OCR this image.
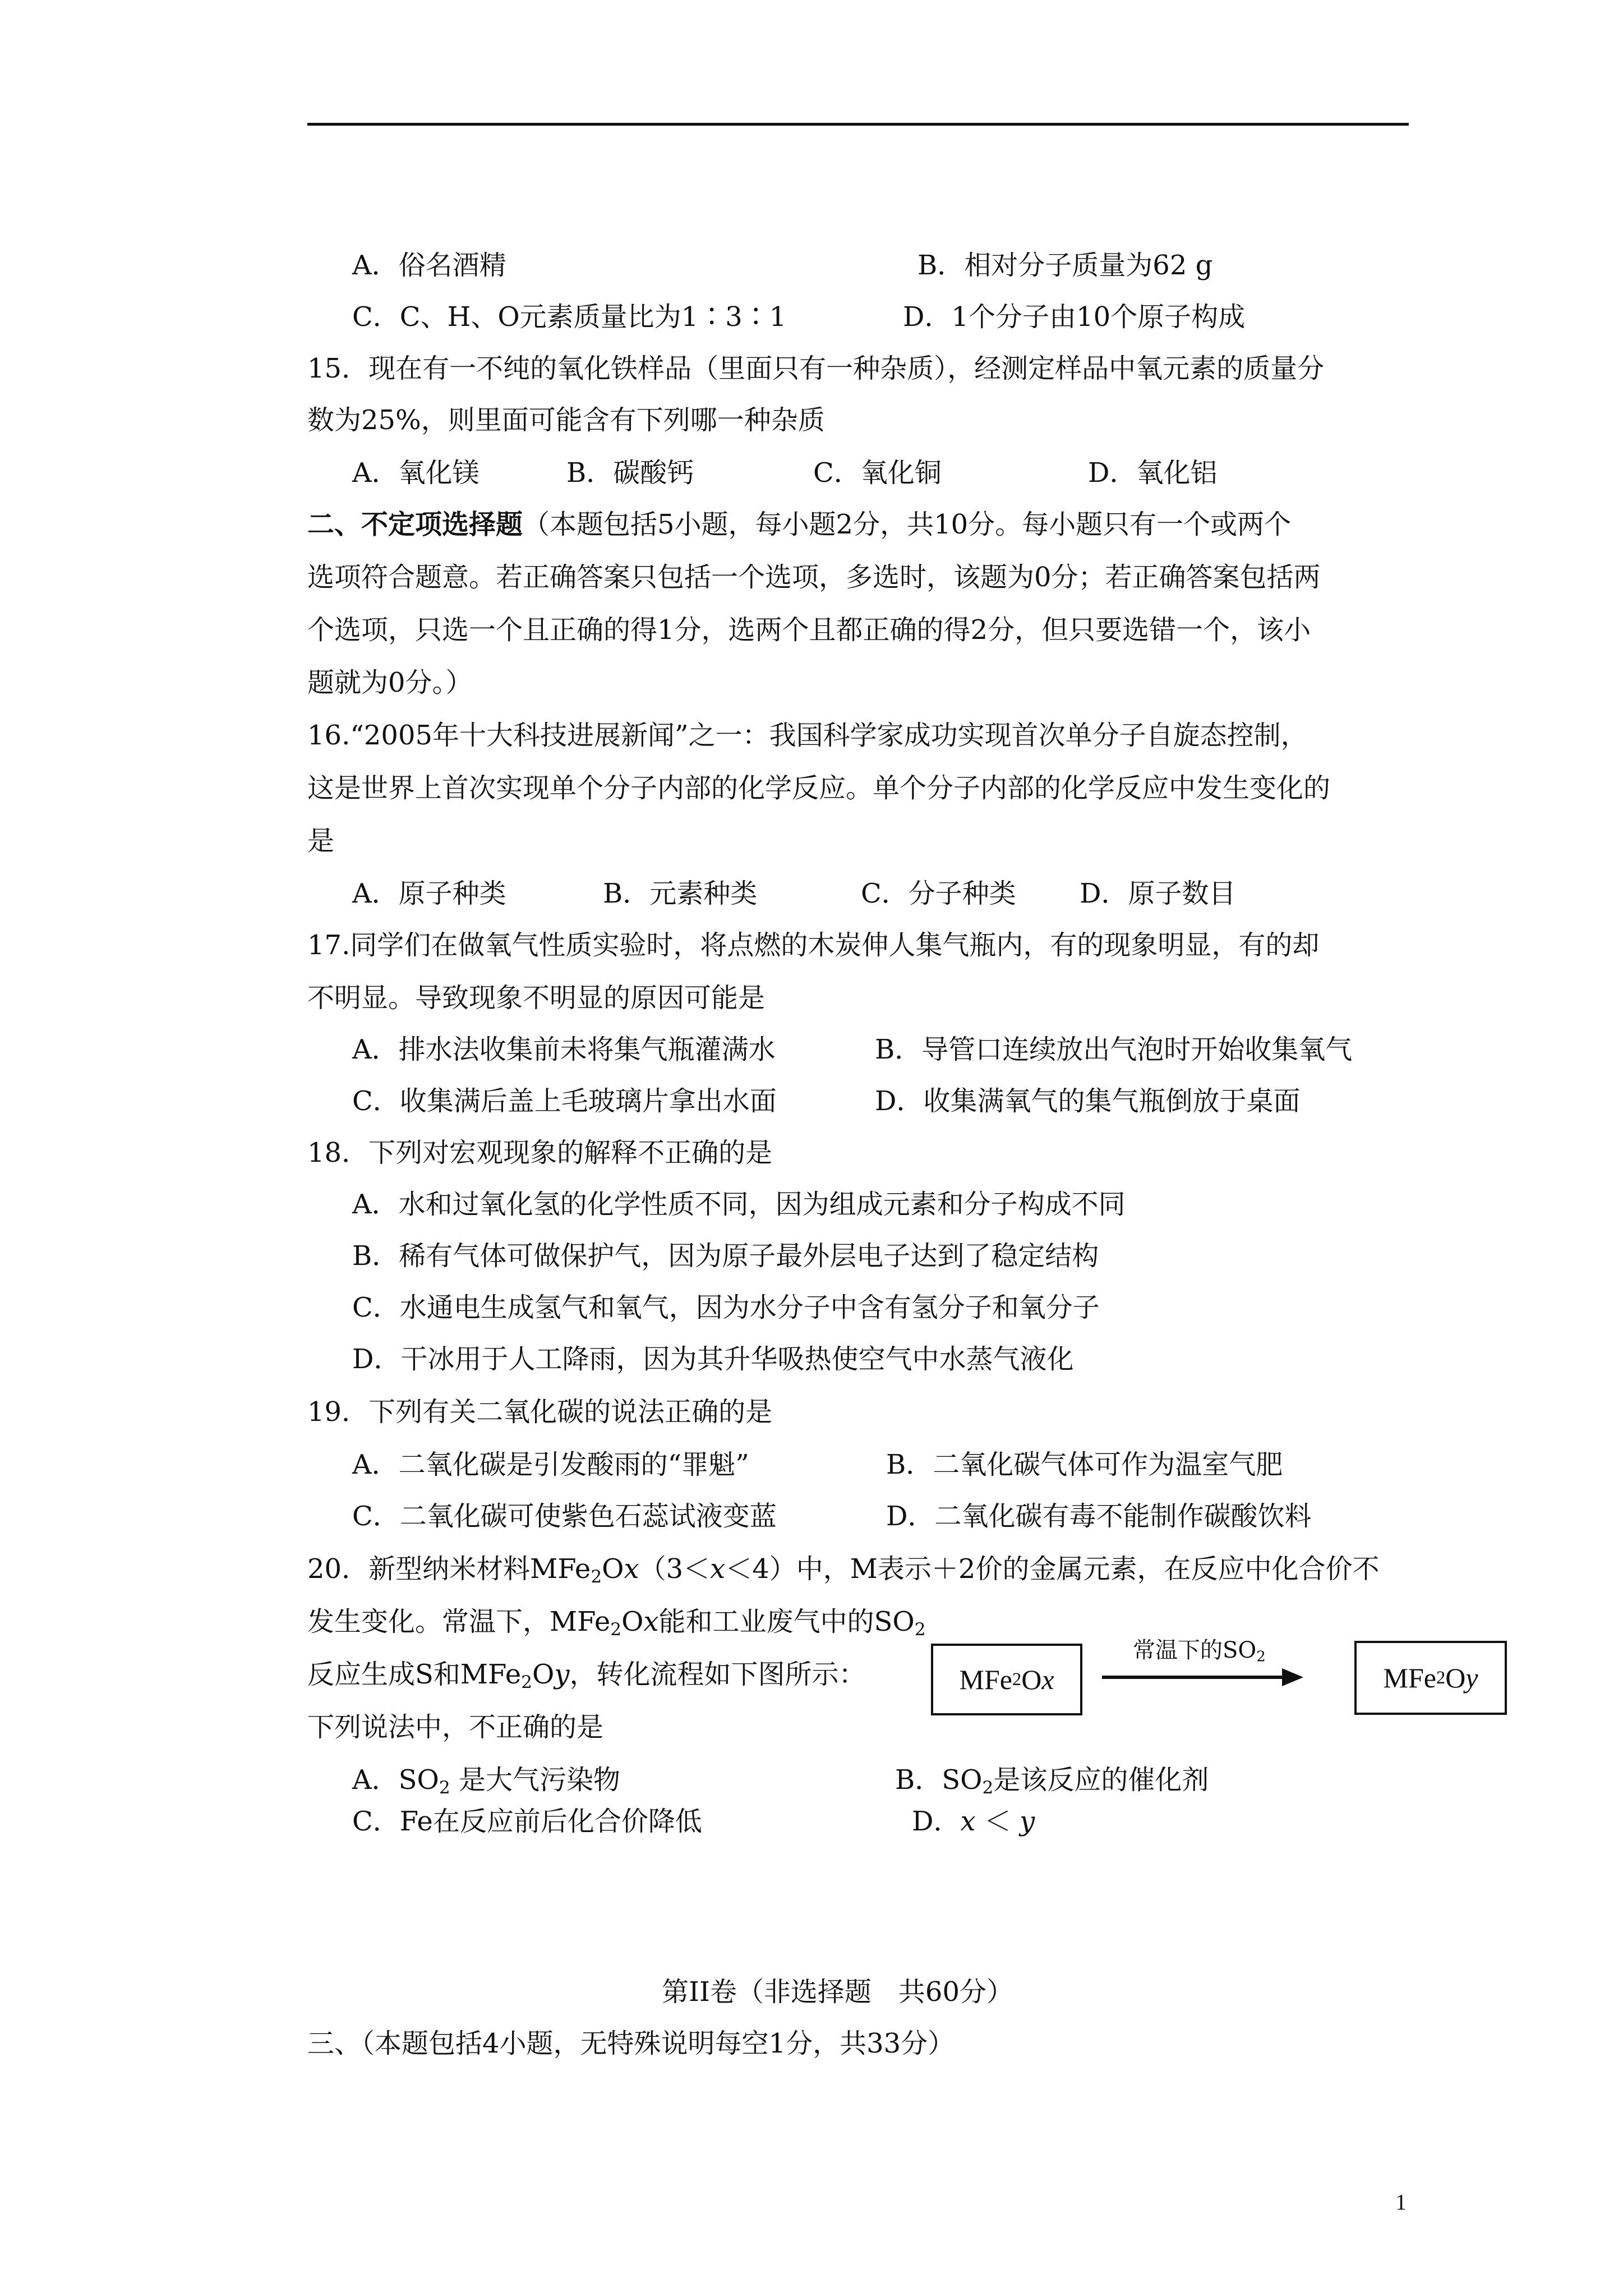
A．俗名酒精	B．相对分子质量为62 g
C．C、H、O元素质量比为1∶3∶1	D．1个分子由10个原子构成
15．现在有一不纯的氧化铁样品（里面只有一种杂质），经测定样品中氧元素的质量分
数为25%，则里面可能含有下列哪一种杂质
A．氧化镁	B．碳酸钙	C．氧化铜	D．氧化铝
二、不定项选择题（本题包括5小题，每小题2分，共10分。每小题只有一个或两个
选项符合题意。若正确答案只包括一个选项，多选时，该题为0分；若正确答案包括两
个选项，只选一个且正确的得1分，选两个且都正确的得2分，但只要选错一个，该小
题就为0分。）
16.“2005年十大科技进展新闻”之一：我国科学家成功实现首次单分子自旋态控制，
这是世界上首次实现单个分子内部的化学反应。单个分子内部的化学反应中发生变化的
是
A．原子种类	B．元素种类	C．分子种类 D．原子数目
17.同学们在做氧气性质实验时，将点燃的木炭伸人集气瓶内，有的现象明显，有的却
不明显。导致现象不明显的原因可能是
A．排水法收集前未将集气瓶灌满水	B．导管口连续放出气泡时开始收集氧气
C．收集满后盖上毛玻璃片拿出水面	D．收集满氧气的集气瓶倒放于桌面
18．下列对宏观现象的解释不正确的是
A．水和过氧化氢的化学性质不同，因为组成元素和分子构成不同
B．稀有气体可做保护气，因为原子最外层电子达到了稳定结构
C．水通电生成氢气和氧气，因为水分子中含有氢分子和氧分子
D．干冰用于人工降雨，因为其升华吸热使空气中水蒸气液化
19．下列有关二氧化碳的说法正确的是
A．二氧化碳是引发酸雨的“罪魁”	B．二氧化碳气体可作为温室气肥
C．二氧化碳可使紫色石蕊试液变蓝	D．二氧化碳有毒不能制作碳酸饮料
20．新型纳米材料MFe$_2$Ox（3＜x＜4）中，M表示＋2价的金属元素，在反应中化合价不
发生变化。常温下，MFe$_2$Ox能和工业废气中的$SO_2$
反应生成S和MFe$_2$Oy，转化流程如下图所示：
下列说法中，不正确的是
MFe 2 O x
常温下的$SO_2$
MFe 2 O y
A．$SO_2$ 是大气污染物	B．$SO_2$是该反应的催化剂
C．Fe在反应前后化合价降低	D．x ＜ y
第II卷（非选择题　共60分）
三、（本题包括4小题，无特殊说明每空1分，共33分）
1
